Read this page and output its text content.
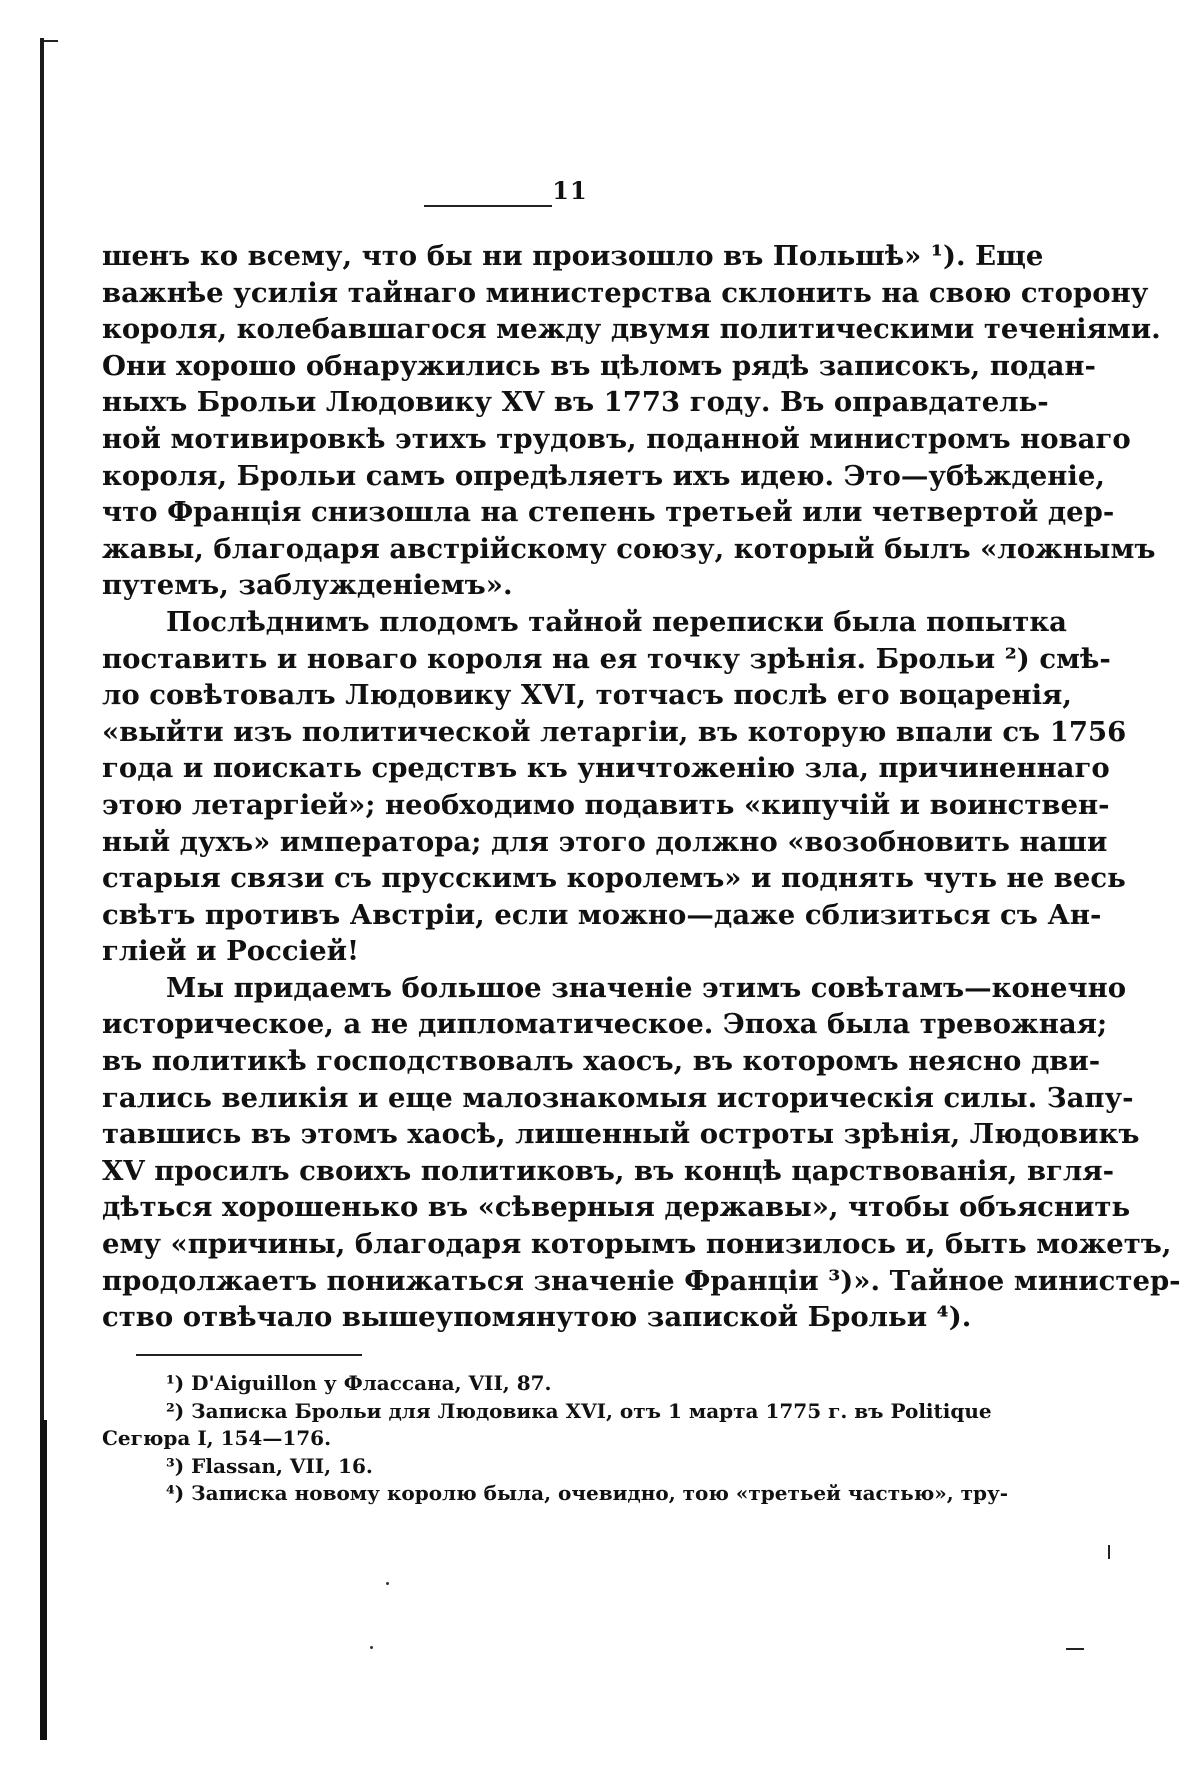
11
шенъ ко всему, что бы ни произошло въ Польшѣ» ¹). Еще
важнѣе усилія тайнаго министерства склонить на свою сторону
короля, колебавшагося между двумя политическими теченіями.
Они хорошо обнаружились въ цѣломъ рядѣ записокъ, подан-
ныхъ Брольи Людовику XV въ 1773 году. Въ оправдатель-
ной мотивировкѣ этихъ трудовъ, поданной министромъ новаго
короля, Брольи самъ опредѣляетъ ихъ идею. Это—убѣжденіе,
что Франція снизошла на степень третьей или четвертой дер-
жавы, благодаря австрійскому союзу, который былъ «ложнымъ
путемъ, заблужденіемъ».
Послѣднимъ плодомъ тайной переписки была попытка
поставить и новаго короля на ея точку зрѣнія. Брольи ²) смѣ-
ло совѣтовалъ Людовику XVI, тотчасъ послѣ его воцаренія,
«выйти изъ политической летаргіи, въ которую впали съ 1756
года и поискать средствъ къ уничтоженію зла, причиненнаго
этою летаргіей»; необходимо подавить «кипучій и воинствен-
ный духъ» императора; для этого должно «возобновить наши
старыя связи съ прусскимъ королемъ» и поднять чуть не весь
свѣтъ противъ Австріи, если можно—даже сблизиться съ Ан-
гліей и Россіей!
Мы придаемъ большое значеніе этимъ совѣтамъ—конечно
историческое, а не дипломатическое. Эпоха была тревожная;
въ политикѣ господствовалъ хаосъ, въ которомъ неясно дви-
гались великія и еще малознакомыя историческія силы. Запу-
тавшись въ этомъ хаосѣ, лишенный остроты зрѣнія, Людовикъ
XV просилъ своихъ политиковъ, въ концѣ царствованія, вгля-
дѣться хорошенько въ «сѣверныя державы», чтобы объяснить
ему «причины, благодаря которымъ понизилось и, быть можетъ,
продолжаетъ понижаться значеніе Франціи ³)». Тайное министер-
ство отвѣчало вышеупомянутою запиской Брольи ⁴).
¹) D'Aiguillon у Флассана, VII, 87.
²) Записка Брольи для Людовика XVI, отъ 1 марта 1775 г. въ Politique
Сегюра I, 154—176.
³) Flassan, VII, 16.
⁴) Записка новому королю была, очевидно, тою «третьей частью», тру-
